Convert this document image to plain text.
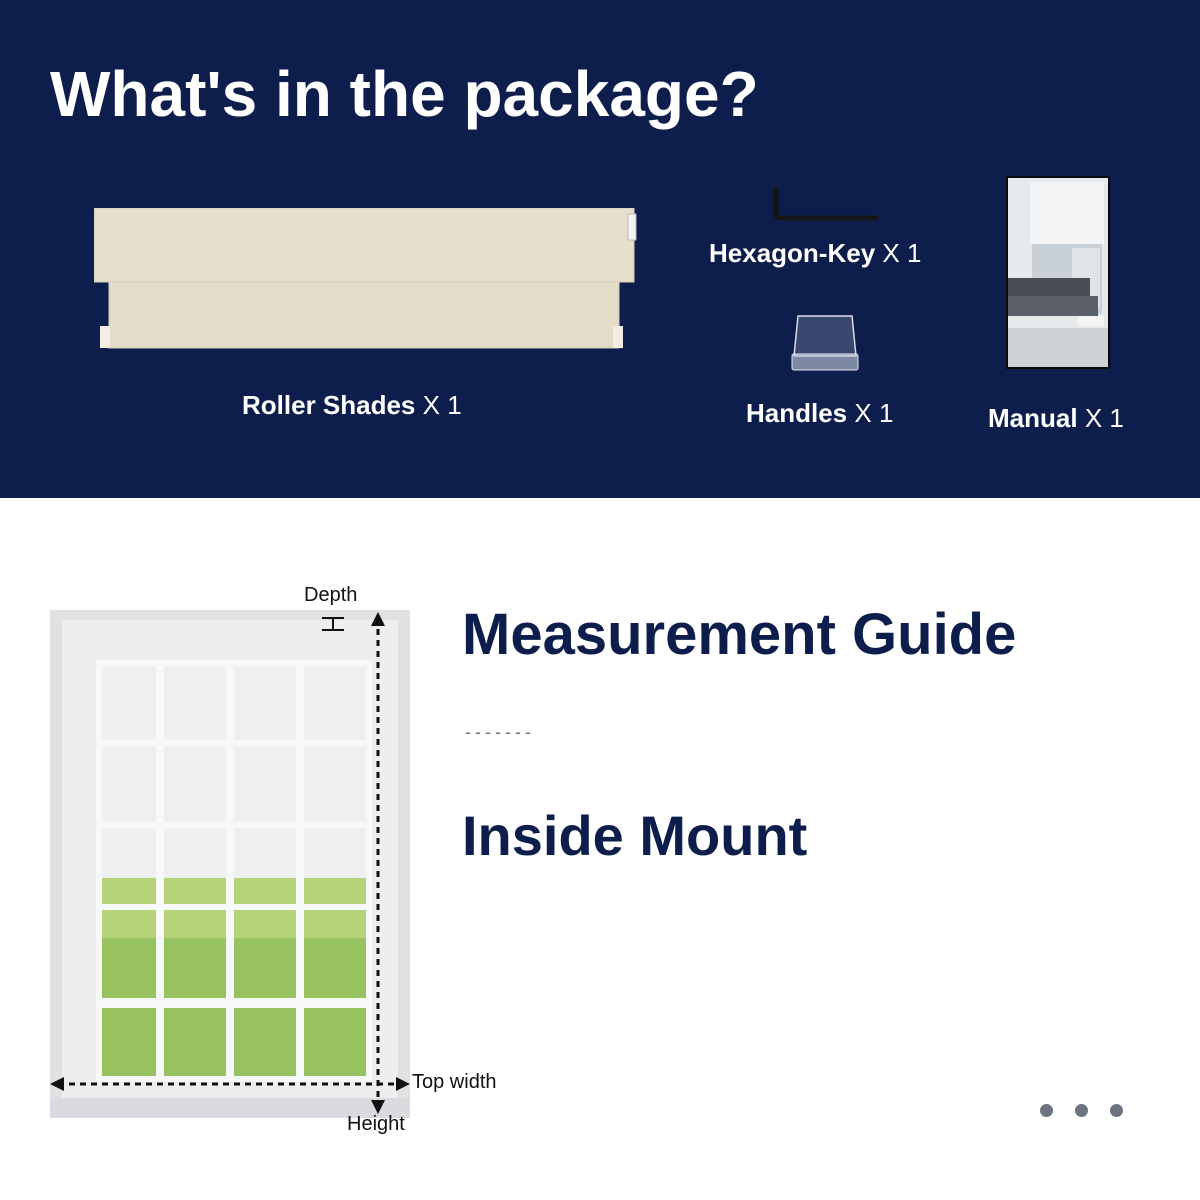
What's in the package?
Roller Shades X 1
Hexagon-Key X 1
Handles X 1	Manual X 1
Depth
Top width
Height
Measurement Guide
-------
Inside Mount
